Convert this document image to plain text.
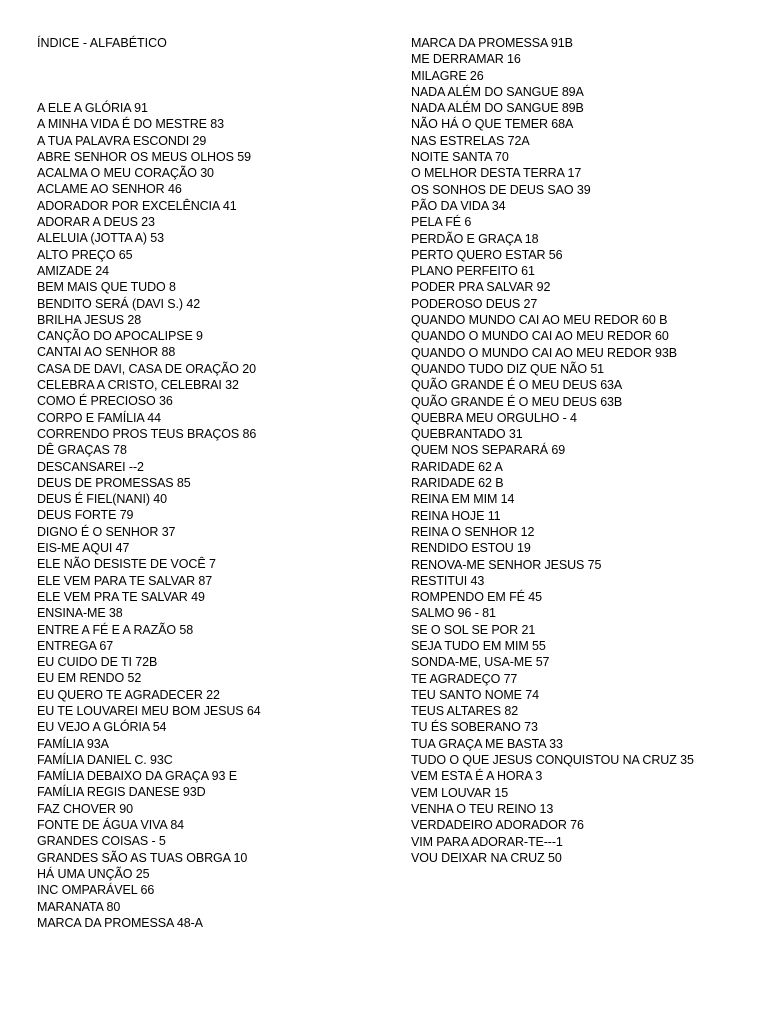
ÍNDICE - ALFABÉTICO
A ELE A GLÓRIA 91
A MINHA VIDA É DO MESTRE 83
A TUA PALAVRA ESCONDI 29
ABRE SENHOR OS MEUS OLHOS 59
ACALMA O MEU CORAÇÃO 30
ACLAME AO SENHOR 46
ADORADOR POR EXCELÊNCIA 41
ADORAR A DEUS 23
ALELUIA (JOTTA A) 53
ALTO PREÇO 65
AMIZADE 24
BEM MAIS QUE TUDO 8
BENDITO SERÁ (DAVI S.) 42
BRILHA JESUS 28
CANÇÃO DO APOCALIPSE 9
CANTAI AO SENHOR 88
CASA DE DAVI, CASA DE ORAÇÃO 20
CELEBRA A CRISTO, CELEBRAI 32
COMO É PRECIOSO 36
CORPO E FAMÍLIA 44
CORRENDO PROS TEUS BRAÇOS 86
DÊ GRAÇAS 78
DESCANSAREI --2
DEUS DE PROMESSAS 85
DEUS É FIEL(NANI) 40
DEUS FORTE 79
DIGNO É O SENHOR 37
EIS-ME AQUI 47
ELE NÃO DESISTE DE VOCÊ 7
ELE VEM PARA TE SALVAR 87
ELE VEM PRA TE SALVAR 49
ENSINA-ME 38
ENTRE A FÉ E A RAZÃO 58
ENTREGA 67
EU CUIDO DE TI 72B
EU EM RENDO 52
EU QUERO TE AGRADECER 22
EU TE LOUVAREI MEU BOM JESUS 64
EU VEJO A GLÓRIA 54
FAMÍLIA 93A
FAMÍLIA DANIEL C. 93C
FAMÍLIA DEBAIXO DA GRAÇA 93 E
FAMÍLIA REGIS DANESE 93D
FAZ CHOVER 90
FONTE DE ÁGUA VIVA 84
GRANDES COISAS - 5
GRANDES SÃO AS TUAS OBRGA 10
HÁ UMA UNÇÃO 25
INC OMPARÁVEL 66
MARANATA 80
MARCA DA PROMESSA 48-A
MARCA DA PROMESSA 91B
ME DERRAMAR 16
MILAGRE 26
NADA ALÉM DO SANGUE 89A
NADA ALÉM DO SANGUE 89B
NÃO HÁ O QUE TEMER 68A
NAS ESTRELAS 72A
NOITE SANTA 70
O MELHOR DESTA TERRA 17
OS SONHOS DE DEUS SAO 39
PÃO DA VIDA 34
PELA FÉ 6
PERDÃO E GRAÇA 18
PERTO QUERO ESTAR 56
PLANO PERFEITO 61
PODER PRA SALVAR 92
PODEROSO DEUS 27
QUANDO MUNDO CAI AO MEU REDOR 60 B
QUANDO O MUNDO CAI AO MEU REDOR 60
QUANDO O MUNDO CAI AO MEU REDOR 93B
QUANDO TUDO DIZ QUE NÃO 51
QUÃO GRANDE É O MEU DEUS 63A
QUÃO GRANDE É O MEU DEUS 63B
QUEBRA MEU ORGULHO - 4
QUEBRANTADO 31
QUEM NOS SEPARARÁ 69
RARIDADE 62 A
RARIDADE 62 B
REINA EM MIM 14
REINA HOJE 11
REINA O SENHOR 12
RENDIDO ESTOU 19
RENOVA-ME SENHOR JESUS 75
RESTITUI 43
ROMPENDO EM FÉ 45
SALMO 96 - 81
SE O SOL SE POR 21
SEJA TUDO EM MIM 55
SONDA-ME, USA-ME 57
TE AGRADEÇO 77
TEU SANTO NOME 74
TEUS ALTARES 82
TU ÉS SOBERANO 73
TUA GRAÇA ME BASTA 33
TUDO O QUE JESUS CONQUISTOU NA CRUZ 35
VEM ESTA É A HORA 3
VEM LOUVAR 15
VENHA O TEU REINO 13
VERDADEIRO ADORADOR 76
VIM PARA ADORAR-TE---1
VOU DEIXAR NA CRUZ 50
